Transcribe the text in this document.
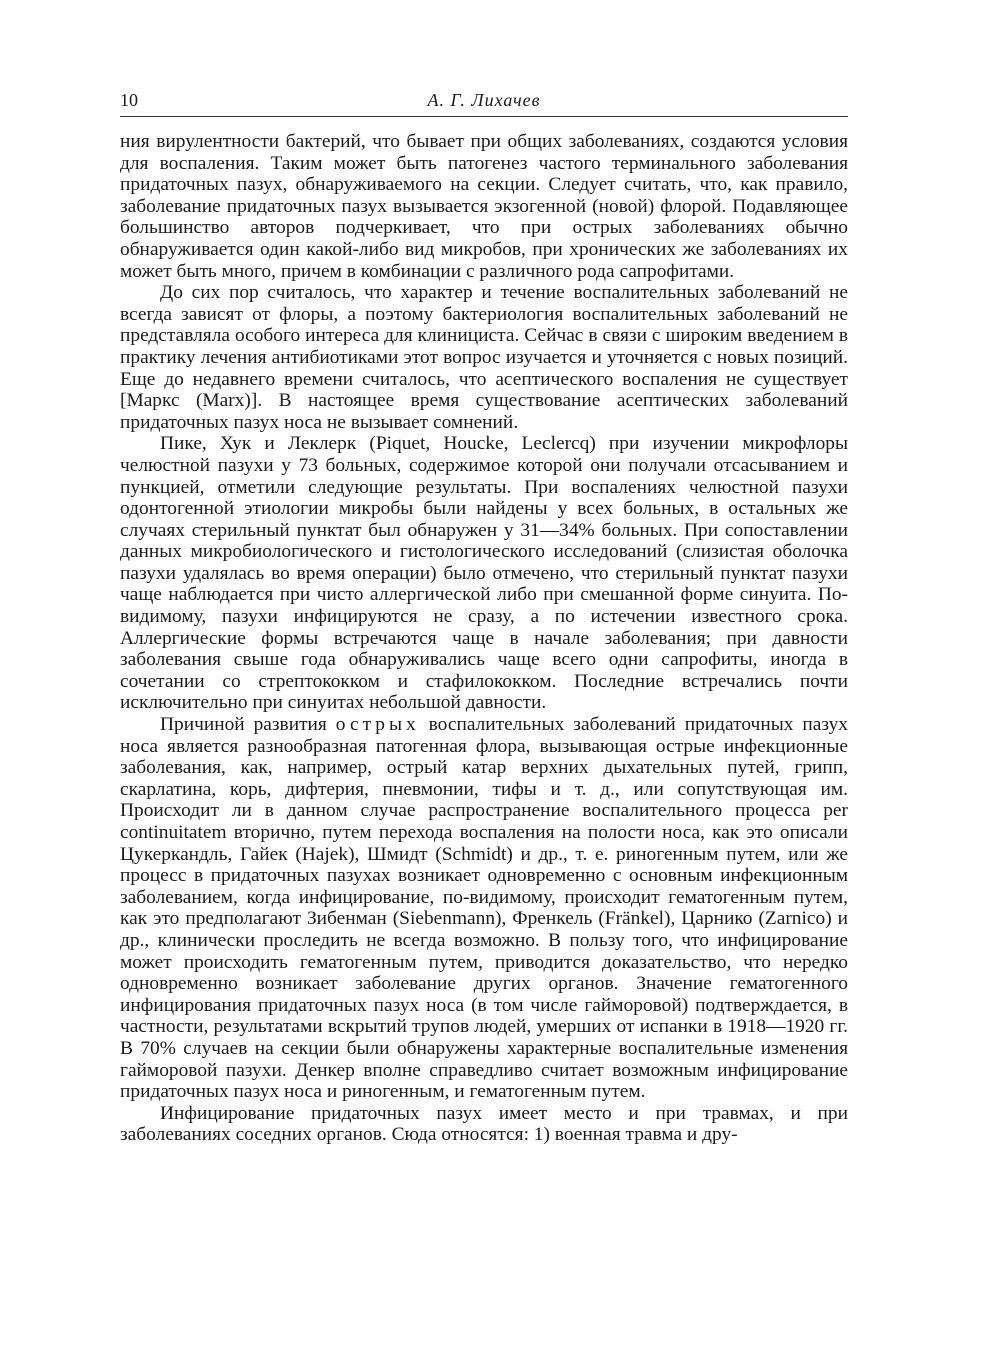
10	А. Г. Лихачев

ния вирулентности бактерий, что бывает при общих заболеваниях, создаются условия для воспаления. Таким может быть патогенез частого терминального заболевания придаточных пазух, обнаруживаемого на секции. Следует считать, что, как правило, заболевание придаточных пазух вызывается экзогенной (новой) флорой. Подавляющее большинство авторов подчеркивает, что при острых заболеваниях обычно обнаруживается один какой-либо вид микробов, при хронических же заболеваниях их может быть много, причем в комбинации с различного рода сапрофитами.

До сих пор считалось, что характер и течение воспалительных заболеваний не всегда зависят от флоры, а поэтому бактериология воспалительных заболеваний не представляла особого интереса для клинициста. Сейчас в связи с широким введением в практику лечения антибиотиками этот вопрос изучается и уточняется с новых позиций. Еще до недавнего времени считалось, что асептического воспаления не существует [Маркс (Marx)]. В настоящее время существование асептических заболеваний придаточных пазух носа не вызывает сомнений.

Пике, Хук и Леклерк (Piquet, Houcke, Leclercq) при изучении микрофлоры челюстной пазухи у 73 больных, содержимое которой они получали отсасыванием и пункцией, отметили следующие результаты. При воспалениях челюстной пазухи одонтогенной этиологии микробы были найдены у всех больных, в остальных же случаях стерильный пунктат был обнаружен у 31—34% больных. При сопоставлении данных микробиологического и гистологического исследований (слизистая оболочка пазухи удалялась во время операции) было отмечено, что стерильный пунктат пазухи чаще наблюдается при чисто аллергической либо при смешанной форме синуита. По-видимому, пазухи инфицируются не сразу, а по истечении известного срока. Аллергические формы встречаются чаще в начале заболевания; при давности заболевания свыше года обнаруживались чаще всего одни сапрофиты, иногда в сочетании со стрептококком и стафилококком. Последние встречались почти исключительно при синуитах небольшой давности.

Причиной развития острых воспалительных заболеваний придаточных пазух носа является разнообразная патогенная флора, вызывающая острые инфекционные заболевания, как, например, острый катар верхних дыхательных путей, грипп, скарлатина, корь, дифтерия, пневмонии, тифы и т. д., или сопутствующая им. Происходит ли в данном случае распространение воспалительного процесса per continuitatem вторично, путем перехода воспаления на полости носа, как это описали Цукеркандль, Гайек (Hajek), Шмидт (Schmidt) и др., т. е. риногенным путем, или же процесс в придаточных пазухах возникает одновременно с основным инфекционным заболеванием, когда инфицирование, по-видимому, происходит гематогенным путем, как это предполагают Зибенман (Siebenmann), Френкель (Fränkel), Царнико (Zarnico) и др., клинически проследить не всегда возможно. В пользу того, что инфицирование может происходить гематогенным путем, приводится доказательство, что нередко одновременно возникает заболевание других органов. Значение гематогенного инфицирования придаточных пазух носа (в том числе гайморовой) подтверждается, в частности, результатами вскрытий трупов людей, умерших от испанки в 1918—1920 гг. В 70% случаев на секции были обнаружены характерные воспалительные изменения гайморовой пазухи. Денкер вполне справедливо считает возможным инфицирование придаточных пазух носа и риногенным, и гематогенным путем.

Инфицирование придаточных пазух имеет место и при травмах, и при заболеваниях соседних органов. Сюда относятся: 1) военная травма и дру-
